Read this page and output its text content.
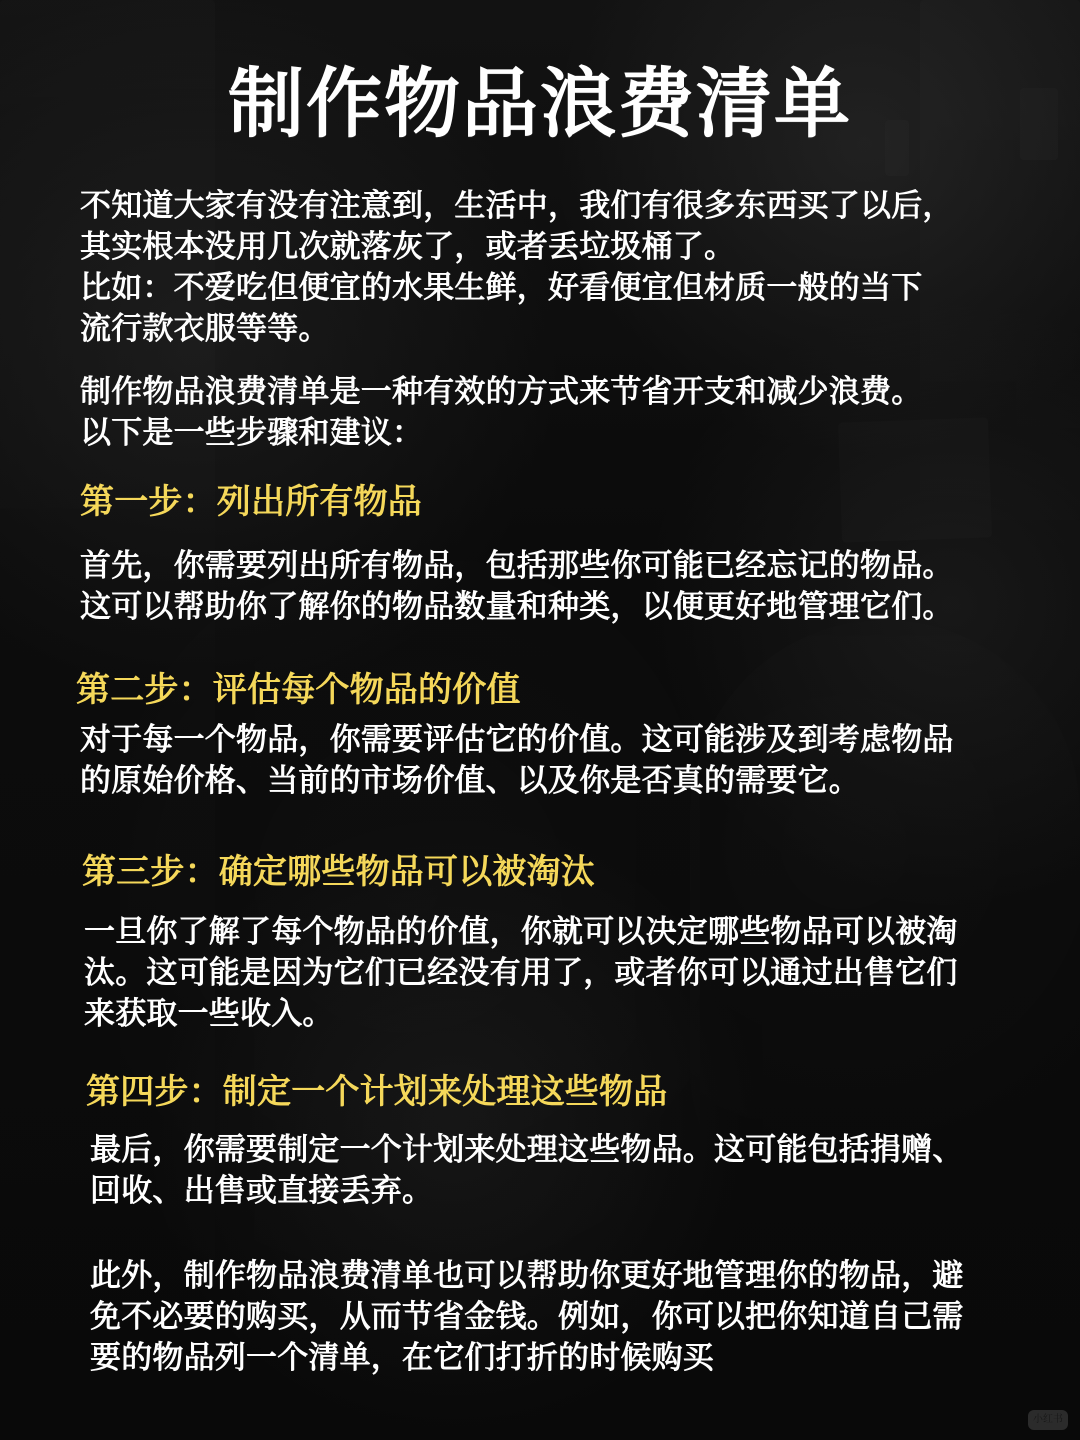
制作物品浪费清单
不知道大家有没有注意到，生活中，我们有很多东西买了以后，
其实根本没用几次就落灰了，或者丢垃圾桶了。
比如：不爱吃但便宜的水果生鲜，好看便宜但材质一般的当下
流行款衣服等等。
制作物品浪费清单是一种有效的方式来节省开支和减少浪费。
以下是一些步骤和建议：
第一步：列出所有物品
首先，你需要列出所有物品，包括那些你可能已经忘记的物品。
这可以帮助你了解你的物品数量和种类，以便更好地管理它们。
第二步：评估每个物品的价值
对于每一个物品，你需要评估它的价值。这可能涉及到考虑物品
的原始价格、当前的市场价值、以及你是否真的需要它。
第三步：确定哪些物品可以被淘汰
一旦你了解了每个物品的价值，你就可以决定哪些物品可以被淘
汰。这可能是因为它们已经没有用了，或者你可以通过出售它们
来获取一些收入。
第四步：制定一个计划来处理这些物品
最后，你需要制定一个计划来处理这些物品。这可能包括捐赠、
回收、出售或直接丢弃。
此外，制作物品浪费清单也可以帮助你更好地管理你的物品，避
免不必要的购买，从而节省金钱。例如，你可以把你知道自己需
要的物品列一个清单，在它们打折的时候购买
小红书
